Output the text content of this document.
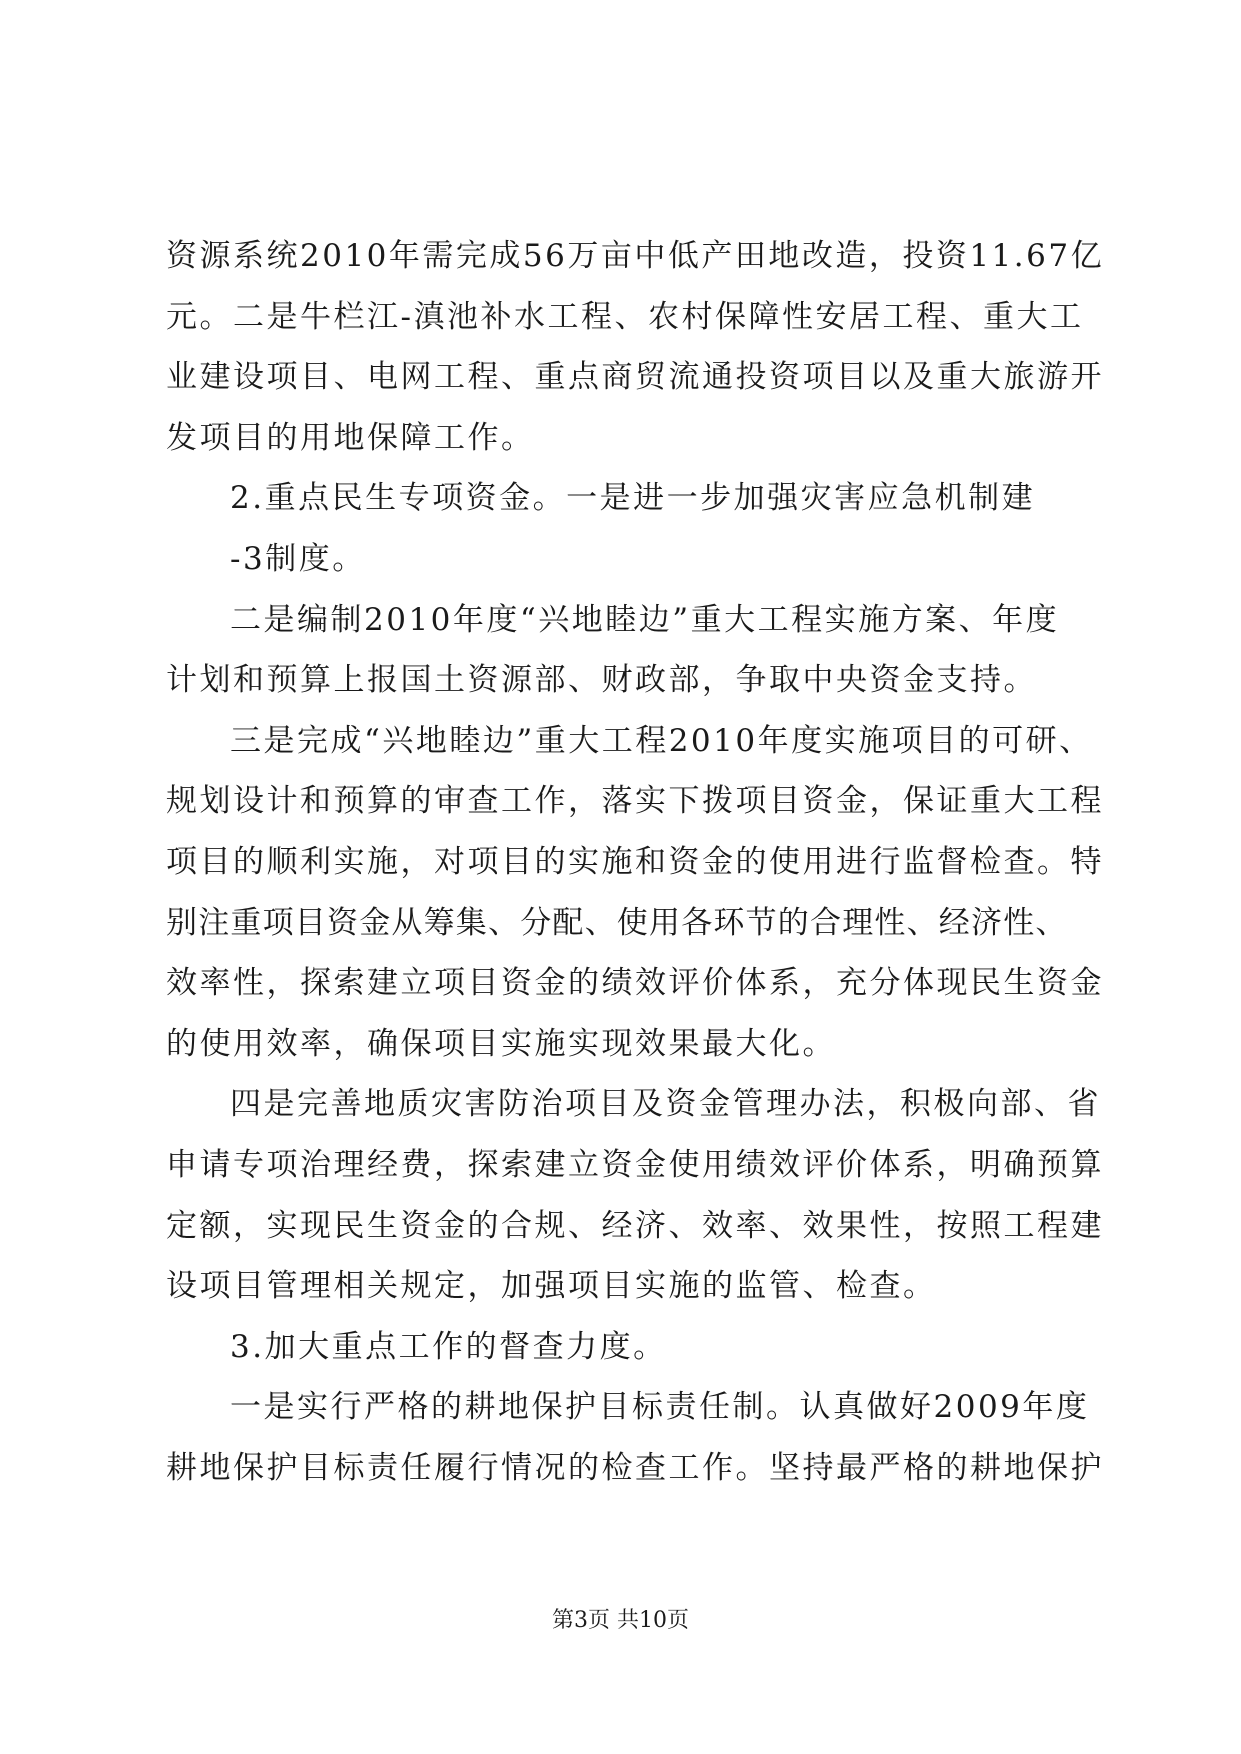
资源系统2010年需完成56万亩中低产田地改造，投资11.67亿
元。二是牛栏江-滇池补水工程、农村保障性安居工程、重大工
业建设项目、电网工程、重点商贸流通投资项目以及重大旅游开
发项目的用地保障工作。
2.重点民生专项资金。一是进一步加强灾害应急机制建
-3制度。
二是编制2010年度“兴地睦边”重大工程实施方案、年度
计划和预算上报国土资源部、财政部，争取中央资金支持。
三是完成“兴地睦边”重大工程2010年度实施项目的可研、
规划设计和预算的审查工作，落实下拨项目资金，保证重大工程
项目的顺利实施，对项目的实施和资金的使用进行监督检查。特
别注重项目资金从筹集、分配、使用各环节的合理性、经济性、
效率性，探索建立项目资金的绩效评价体系，充分体现民生资金
的使用效率，确保项目实施实现效果最大化。
四是完善地质灾害防治项目及资金管理办法，积极向部、省
申请专项治理经费，探索建立资金使用绩效评价体系，明确预算
定额，实现民生资金的合规、经济、效率、效果性，按照工程建
设项目管理相关规定，加强项目实施的监管、检查。
3.加大重点工作的督查力度。
一是实行严格的耕地保护目标责任制。认真做好2009年度
耕地保护目标责任履行情况的检查工作。坚持最严格的耕地保护
第3页 共10页
